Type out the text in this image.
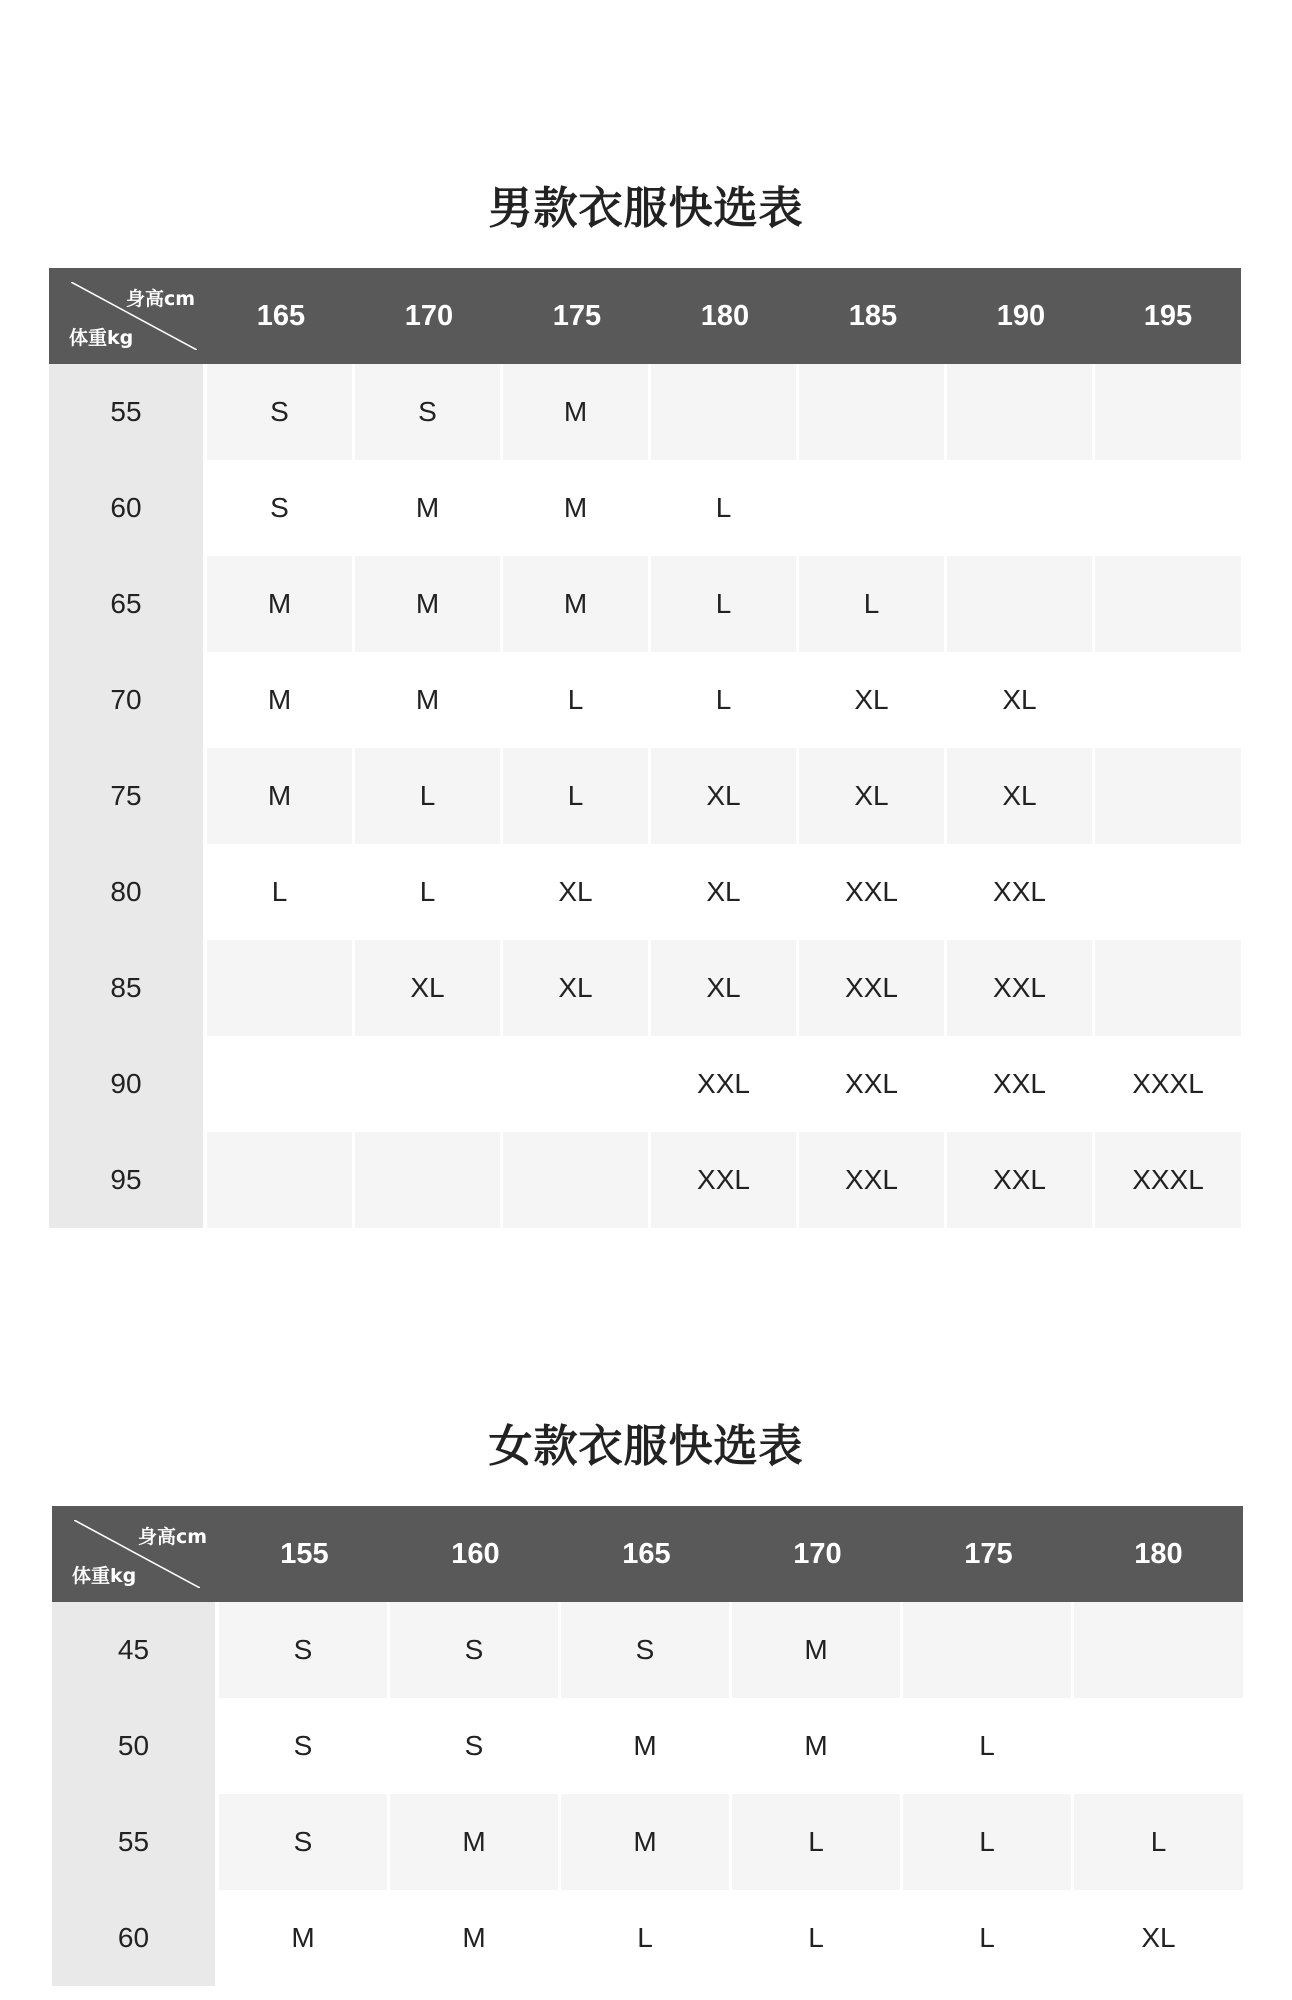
男款衣服快选表
身高cm
体重kg	165	170	175	180	185	190	195
55	S	S	M				
60	S	M	M	L			
65	M	M	M	L	L		
70	M	M	L	L	XL	XL	
75	M	L	L	XL	XL	XL	
80	L	L	XL	XL	XXL	XXL	
85		XL	XL	XL	XXL	XXL	
90				XXL	XXL	XXL	XXXL
95				XXL	XXL	XXL	XXXL
女款衣服快选表
身高cm
体重kg	155	160	165	170	175	180
45	S	S	S	M		
50	S	S	M	M	L	
55	S	M	M	L	L	L
60	M	M	L	L	L	XL
